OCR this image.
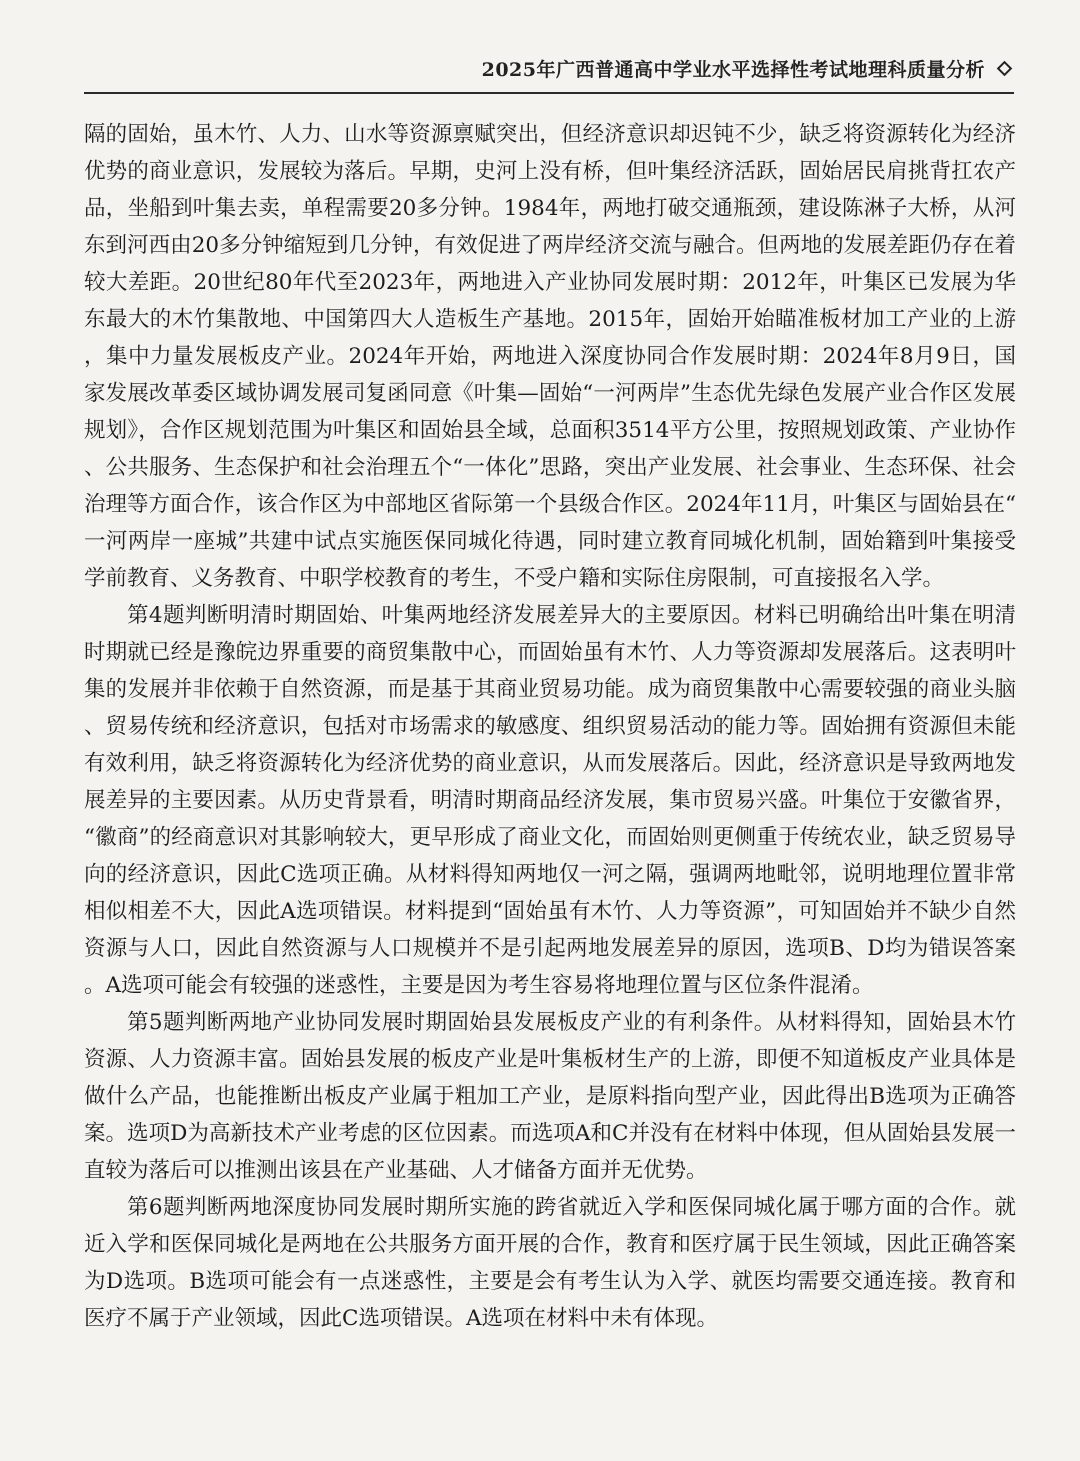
2025年广西普通高中学业水平选择性考试地理科质量分析

隔的固始，虽木竹、人力、山水等资源禀赋突出，但经济意识却迟钝不少，缺乏将资源转化为经济优势的商业意识，发展较为落后。早期，史河上没有桥，但叶集经济活跃，固始居民肩挑背扛农产品，坐船到叶集去卖，单程需要20多分钟。1984年，两地打破交通瓶颈，建设陈淋子大桥，从河东到河西由20多分钟缩短到几分钟，有效促进了两岸经济交流与融合。但两地的发展差距仍存在着较大差距。20世纪80年代至2023年，两地进入产业协同发展时期：2012年，叶集区已发展为华东最大的木竹集散地、中国第四大人造板生产基地。2015年，固始开始瞄准板材加工产业的上游，集中力量发展板皮产业。2024年开始，两地进入深度协同合作发展时期：2024年8月9日，国家发展改革委区域协调发展司复函同意《叶集—固始“一河两岸”生态优先绿色发展产业合作区发展规划》，合作区规划范围为叶集区和固始县全域，总面积3514平方公里，按照规划政策、产业协作、公共服务、生态保护和社会治理五个“一体化”思路，突出产业发展、社会事业、生态环保、社会治理等方面合作，该合作区为中部地区省际第一个县级合作区。2024年11月，叶集区与固始县在“一河两岸一座城”共建中试点实施医保同城化待遇，同时建立教育同城化机制，固始籍到叶集接受学前教育、义务教育、中职学校教育的考生，不受户籍和实际住房限制，可直接报名入学。

第4题判断明清时期固始、叶集两地经济发展差异大的主要原因。材料已明确给出叶集在明清时期就已经是豫皖边界重要的商贸集散中心，而固始虽有木竹、人力等资源却发展落后。这表明叶集的发展并非依赖于自然资源，而是基于其商业贸易功能。成为商贸集散中心需要较强的商业头脑、贸易传统和经济意识，包括对市场需求的敏感度、组织贸易活动的能力等。固始拥有资源但未能有效利用，缺乏将资源转化为经济优势的商业意识，从而发展落后。因此，经济意识是导致两地发展差异的主要因素。从历史背景看，明清时期商品经济发展，集市贸易兴盛。叶集位于安徽省界，“徽商”的经商意识对其影响较大，更早形成了商业文化，而固始则更侧重于传统农业，缺乏贸易导向的经济意识，因此C选项正确。从材料得知两地仅一河之隔，强调两地毗邻，说明地理位置非常相似相差不大，因此A选项错误。材料提到“固始虽有木竹、人力等资源”，可知固始并不缺少自然资源与人口，因此自然资源与人口规模并不是引起两地发展差异的原因，选项B、D均为错误答案。A选项可能会有较强的迷惑性，主要是因为考生容易将地理位置与区位条件混淆。

第5题判断两地产业协同发展时期固始县发展板皮产业的有利条件。从材料得知，固始县木竹资源、人力资源丰富。固始县发展的板皮产业是叶集板材生产的上游，即便不知道板皮产业具体是做什么产品，也能推断出板皮产业属于粗加工产业，是原料指向型产业，因此得出B选项为正确答案。选项D为高新技术产业考虑的区位因素。而选项A和C并没有在材料中体现，但从固始县发展一直较为落后可以推测出该县在产业基础、人才储备方面并无优势。

第6题判断两地深度协同发展时期所实施的跨省就近入学和医保同城化属于哪方面的合作。就近入学和医保同城化是两地在公共服务方面开展的合作，教育和医疗属于民生领域，因此正确答案为D选项。B选项可能会有一点迷惑性，主要是会有考生认为入学、就医均需要交通连接。教育和医疗不属于产业领域，因此C选项错误。A选项在材料中未有体现。
